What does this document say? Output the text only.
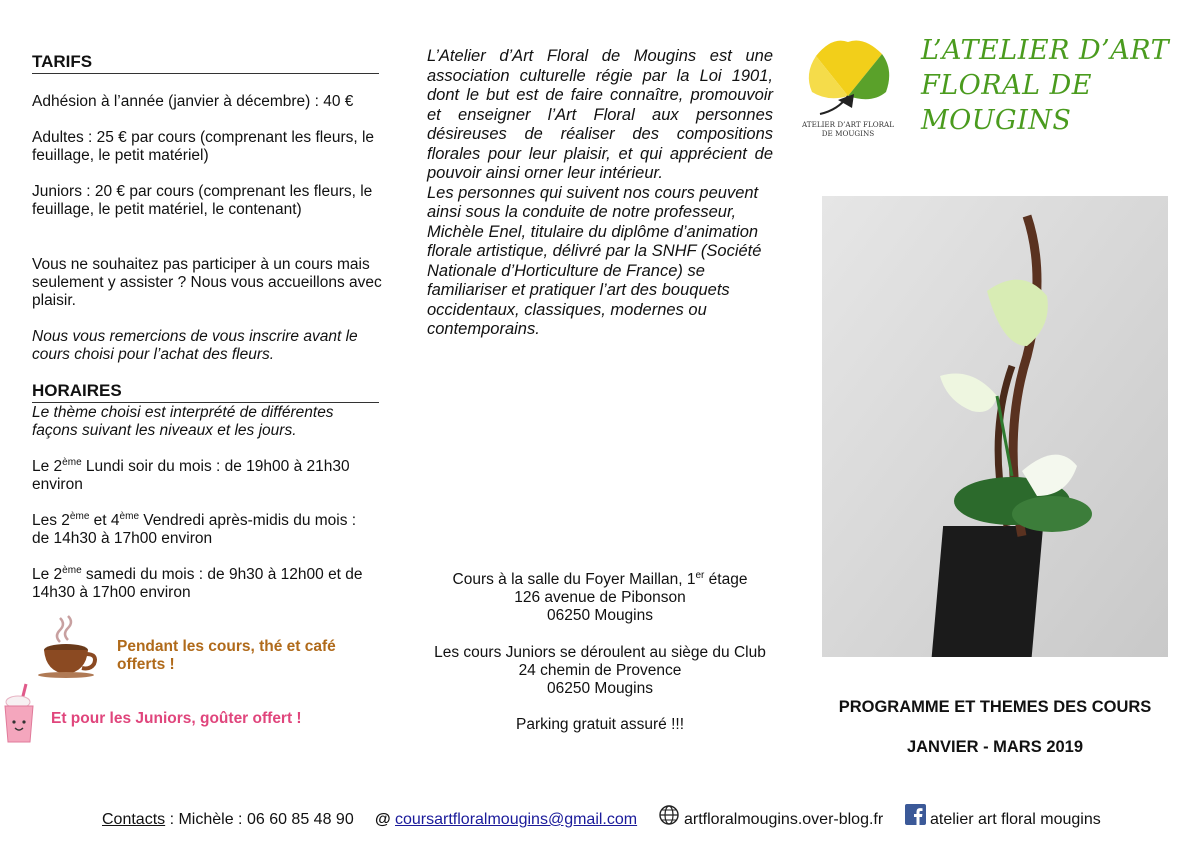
TARIFS

Adhésion à l’année (janvier à décembre) : 40 €

Adultes : 25 € par cours (comprenant les fleurs, le feuillage, le petit matériel)

Juniors : 20 € par cours (comprenant les fleurs, le feuillage, le petit matériel, le contenant)

Vous ne souhaitez pas participer à un cours mais seulement y assister ? Nous vous accueillons avec plaisir.

Nous vous remercions de vous inscrire avant le cours choisi pour l’achat des fleurs.

HORAIRES

Le thème choisi est interprété de différentes façons suivant les niveaux et les jours.

Le 2ème Lundi soir du mois : de 19h00 à 21h30 environ

Les 2ème et 4ème Vendredi après-midis du mois : de 14h30 à 17h00 environ

Le 2ème samedi du mois : de 9h30 à 12h00 et de 14h30 à 17h00 environ

Pendant les cours, thé et café offerts !
Et pour les Juniors, goûter offert !
L’Atelier d’Art Floral de Mougins est une association culturelle régie par la Loi 1901, dont le but est de faire connaître, promouvoir et enseigner l’Art Floral aux personnes désireuses de réaliser des compositions florales pour leur plaisir, et qui apprécient de pouvoir ainsi orner leur intérieur.
Les personnes qui suivent nos cours peuvent ainsi sous la conduite de notre professeur, Michèle Enel, titulaire du diplôme d’animation florale artistique, délivré par la SNHF (Société Nationale d’Horticulture de France) se familiariser et pratiquer l’art des bouquets occidentaux, classiques, modernes ou contemporains.
Cours à la salle du Foyer Maillan, 1er étage
126 avenue de Pibonson
06250 Mougins
Les cours Juniors se déroulent au siège du Club
24 chemin de Provence
06250 Mougins
Parking gratuit assuré !!!
ATELIER D’ART FLORAL
DE MOUGINS
L’ATELIER D’ART
FLORAL DE
MOUGINS
PROGRAMME ET THEMES DES COURS
JANVIER - MARS 2019
Contacts : Michèle : 06 60 85 48 90 @ coursartfloralmougins@gmail.com	artfloralmougins.over-blog.fr	atelier art floral mougins
